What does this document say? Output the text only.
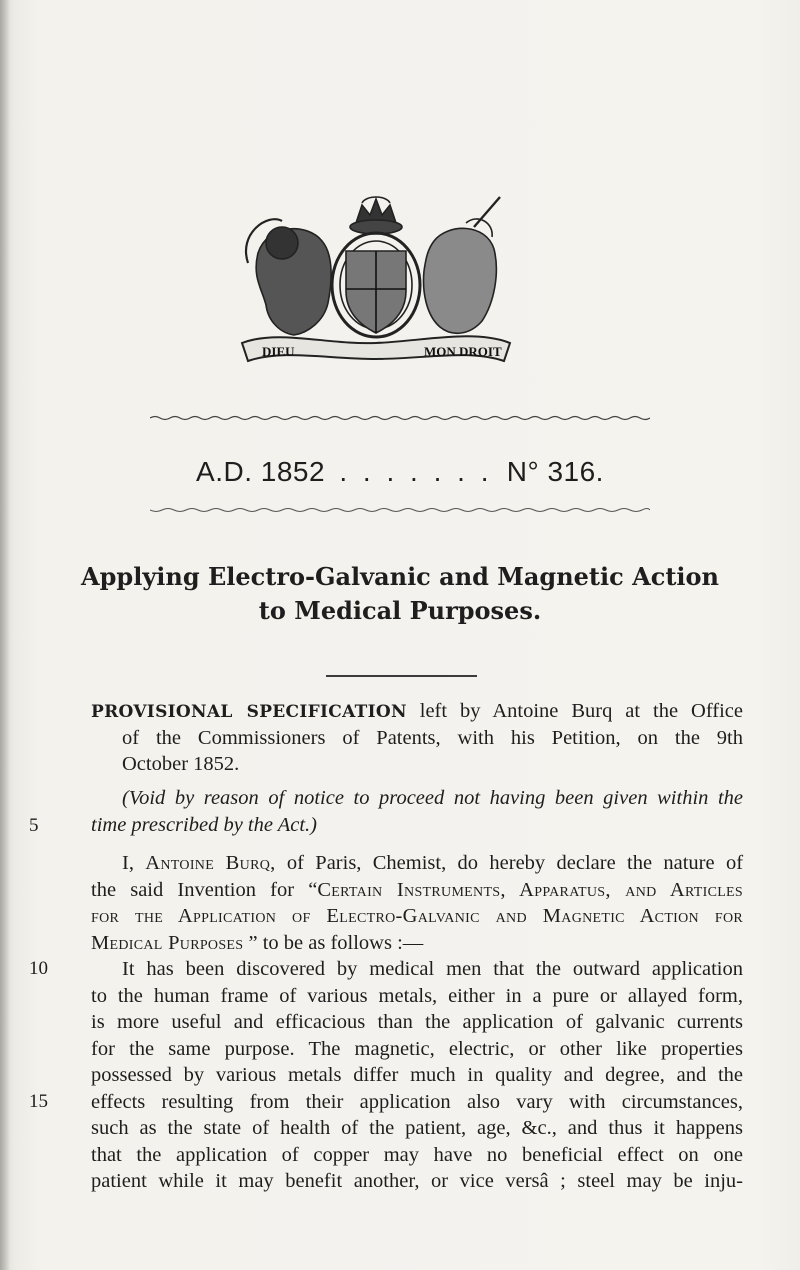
DIEU	MON DROIT
A.D. 1852 . . . . . . . N° 316.
Applying Electro-Galvanic and Magnetic Action
to Medical Purposes.
PROVISIONAL SPECIFICATION left by Antoine Burq at the Office
of the Commissioners of Patents, with his Petition, on the 9th
October 1852.
(Void by reason of notice to proceed not having been given within the
5	time prescribed by the Act.)
I, Antoine Burq, of Paris, Chemist, do hereby declare the nature of
the said Invention for “Certain Instruments, Apparatus, and Articles
for the Application of Electro-Galvanic and Magnetic Action for
Medical Purposes ” to be as follows :—
10	It has been discovered by medical men that the outward application
to the human frame of various metals, either in a pure or allayed form,
is more useful and efficacious than the application of galvanic currents
for the same purpose. The magnetic, electric, or other like properties
possessed by various metals differ much in quality and degree, and the
15	effects resulting from their application also vary with circumstances,
such as the state of health of the patient, age, &c., and thus it happens
that the application of copper may have no beneficial effect on one
patient while it may benefit another, or vice versâ ; steel may be inju-
